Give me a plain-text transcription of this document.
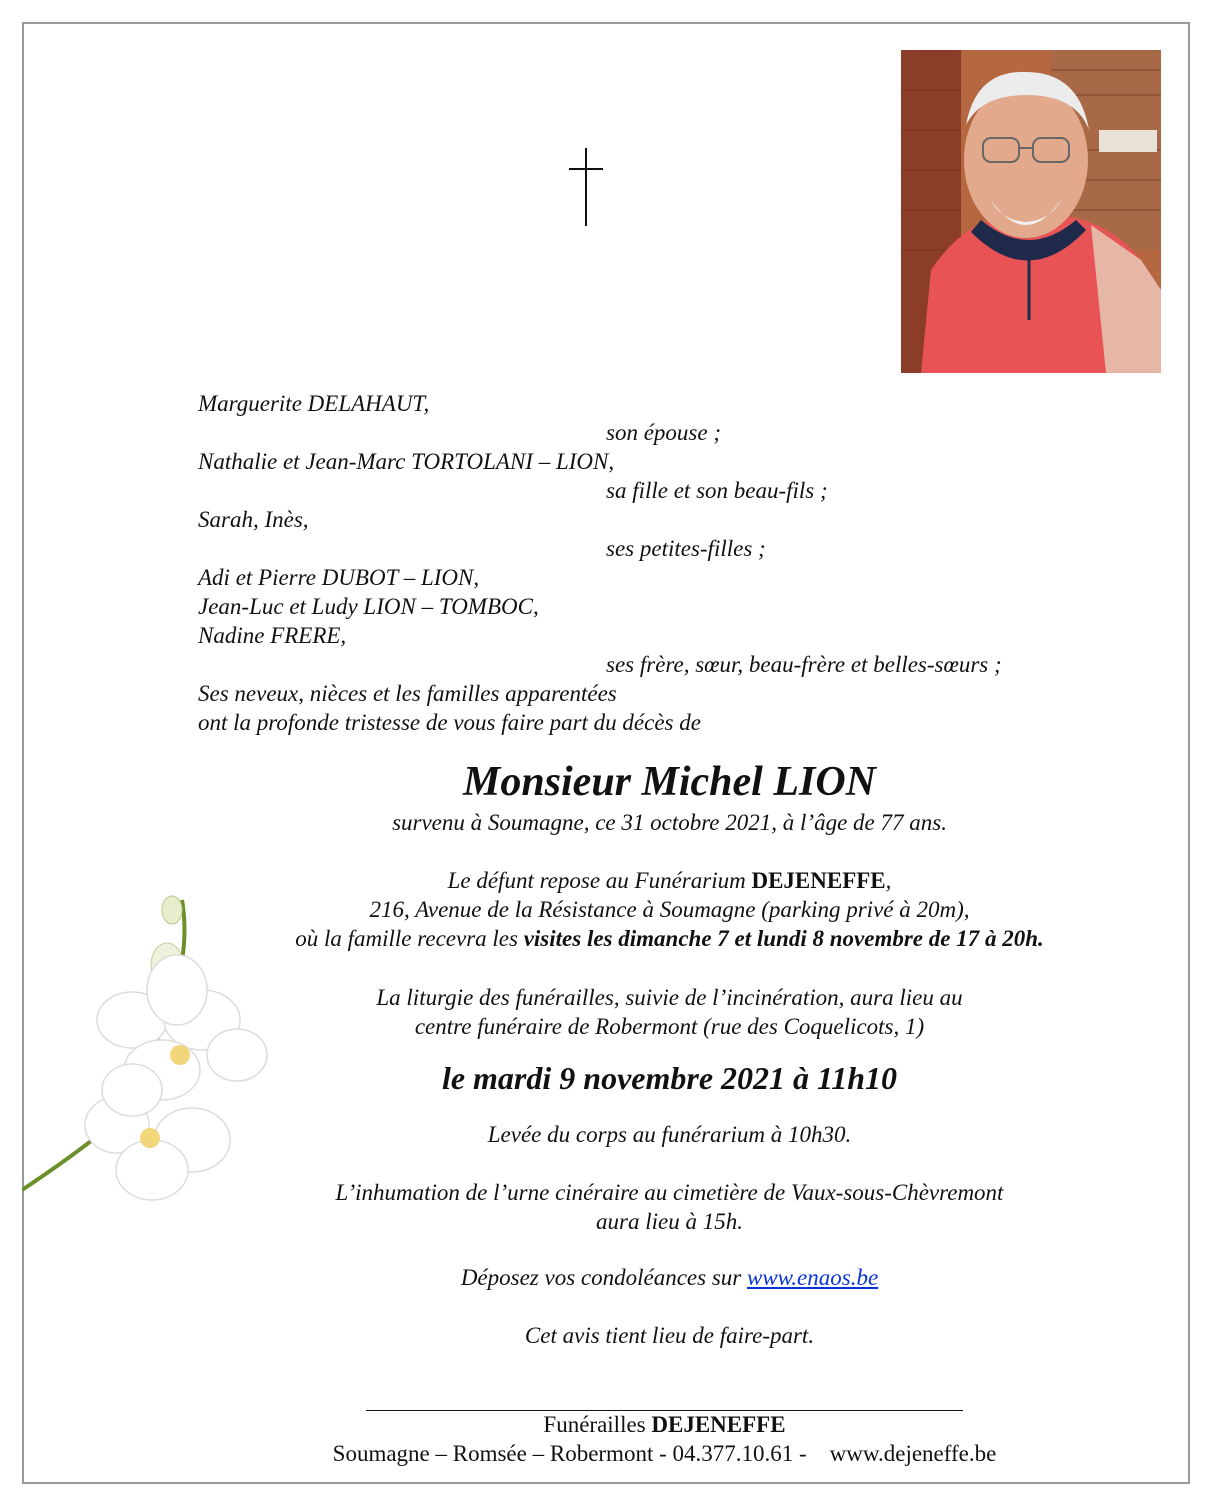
Marguerite DELAHAUT,
son épouse ;
Nathalie et Jean-Marc TORTOLANI – LION,
sa fille et son beau-fils ;
Sarah, Inès,
ses petites-filles ;
Adi et Pierre DUBOT – LION,
Jean-Luc et Ludy LION – TOMBOC,
Nadine FRERE,
ses frère, sœur, beau-frère et belles-sœurs ;
Ses neveux, nièces et les familles apparentées
ont la profonde tristesse de vous faire part du décès de
Monsieur Michel LION
survenu à Soumagne, ce 31 octobre 2021, à l’âge de 77 ans.
Le défunt repose au Funérarium DEJENEFFE,
216, Avenue de la Résistance à Soumagne (parking privé à 20m),
où la famille recevra les visites les dimanche 7 et lundi 8 novembre de 17 à 20h.
La liturgie des funérailles, suivie de l’incinération, aura lieu au
centre funéraire de Robermont (rue des Coquelicots, 1)
le mardi 9 novembre 2021 à 11h10
Levée du corps au funérarium à 10h30.
L’inhumation de l’urne cinéraire au cimetière de Vaux-sous-Chèvremont
aura lieu à 15h.
Déposez vos condoléances sur www.enaos.be
Cet avis tient lieu de faire-part.
Funérailles DEJENEFFE
Soumagne – Romsée – Robermont - 04.377.10.61 -    www.dejeneffe.be
